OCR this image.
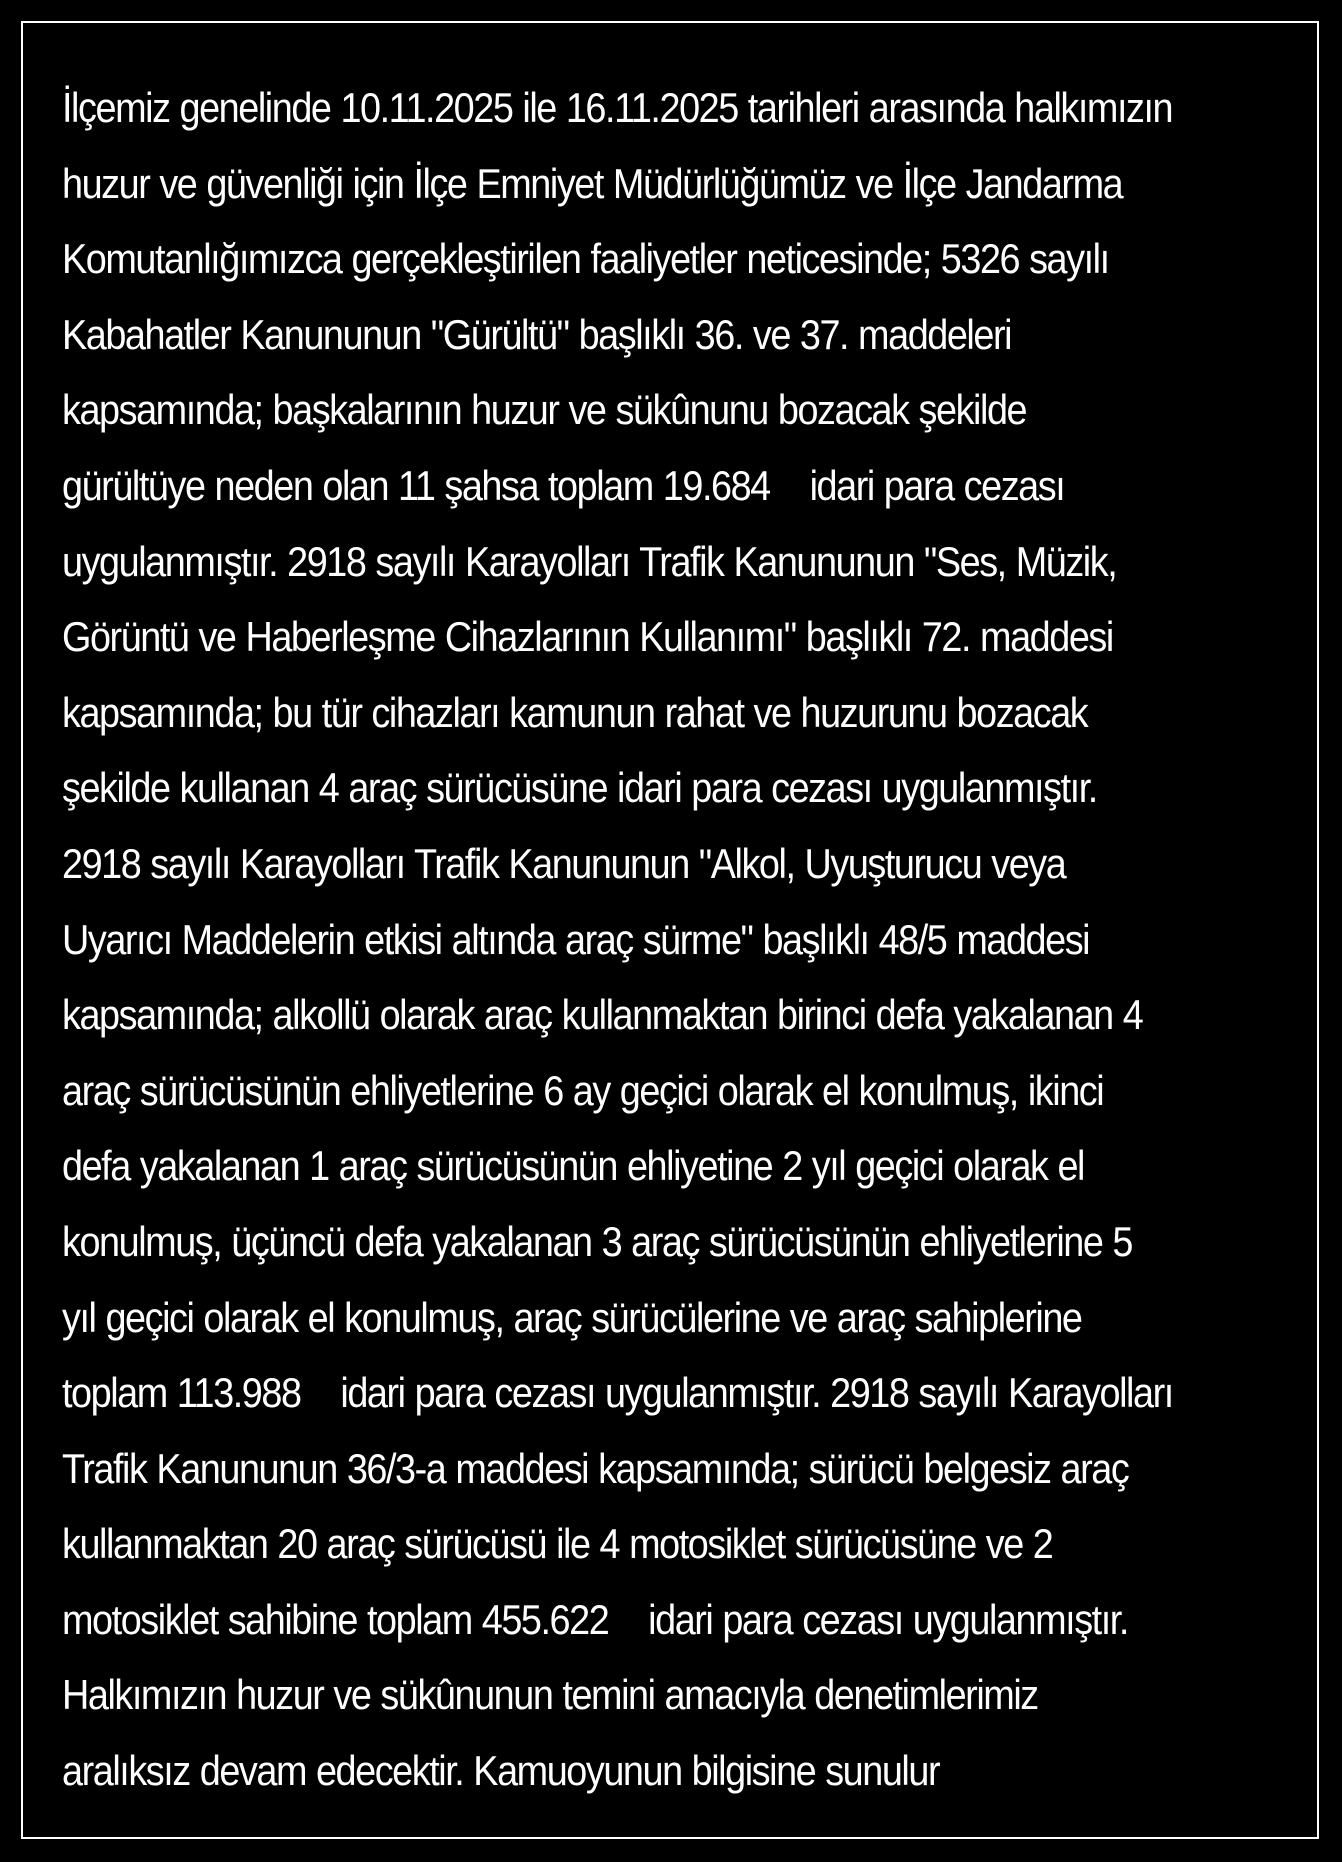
İlçemiz genelinde 10.11.2025 ile 16.11.2025 tarihleri arasında halkımızın
huzur ve güvenliği için İlçe Emniyet Müdürlüğümüz ve İlçe Jandarma
Komutanlığımızca gerçekleştirilen faaliyetler neticesinde; 5326 sayılı
Kabahatler Kanununun "Gürültü" başlıklı 36. ve 37. maddeleri
kapsamında; başkalarının huzur ve sükûnunu bozacak şekilde
gürültüye neden olan 11 şahsa toplam 19.684    idari para cezası
uygulanmıştır. 2918 sayılı Karayolları Trafik Kanununun "Ses, Müzik,
Görüntü ve Haberleşme Cihazlarının Kullanımı" başlıklı 72. maddesi
kapsamında; bu tür cihazları kamunun rahat ve huzurunu bozacak
şekilde kullanan 4 araç sürücüsüne idari para cezası uygulanmıştır.
2918 sayılı Karayolları Trafik Kanununun "Alkol, Uyuşturucu veya
Uyarıcı Maddelerin etkisi altında araç sürme" başlıklı 48/5 maddesi
kapsamında; alkollü olarak araç kullanmaktan birinci defa yakalanan 4
araç sürücüsünün ehliyetlerine 6 ay geçici olarak el konulmuş, ikinci
defa yakalanan 1 araç sürücüsünün ehliyetine 2 yıl geçici olarak el
konulmuş, üçüncü defa yakalanan 3 araç sürücüsünün ehliyetlerine 5
yıl geçici olarak el konulmuş, araç sürücülerine ve araç sahiplerine
toplam 113.988    idari para cezası uygulanmıştır. 2918 sayılı Karayolları
Trafik Kanununun 36/3-a maddesi kapsamında; sürücü belgesiz araç
kullanmaktan 20 araç sürücüsü ile 4 motosiklet sürücüsüne ve 2
motosiklet sahibine toplam 455.622    idari para cezası uygulanmıştır.
Halkımızın huzur ve sükûnunun temini amacıyla denetimlerimiz
aralıksız devam edecektir. Kamuoyunun bilgisine sunulur
